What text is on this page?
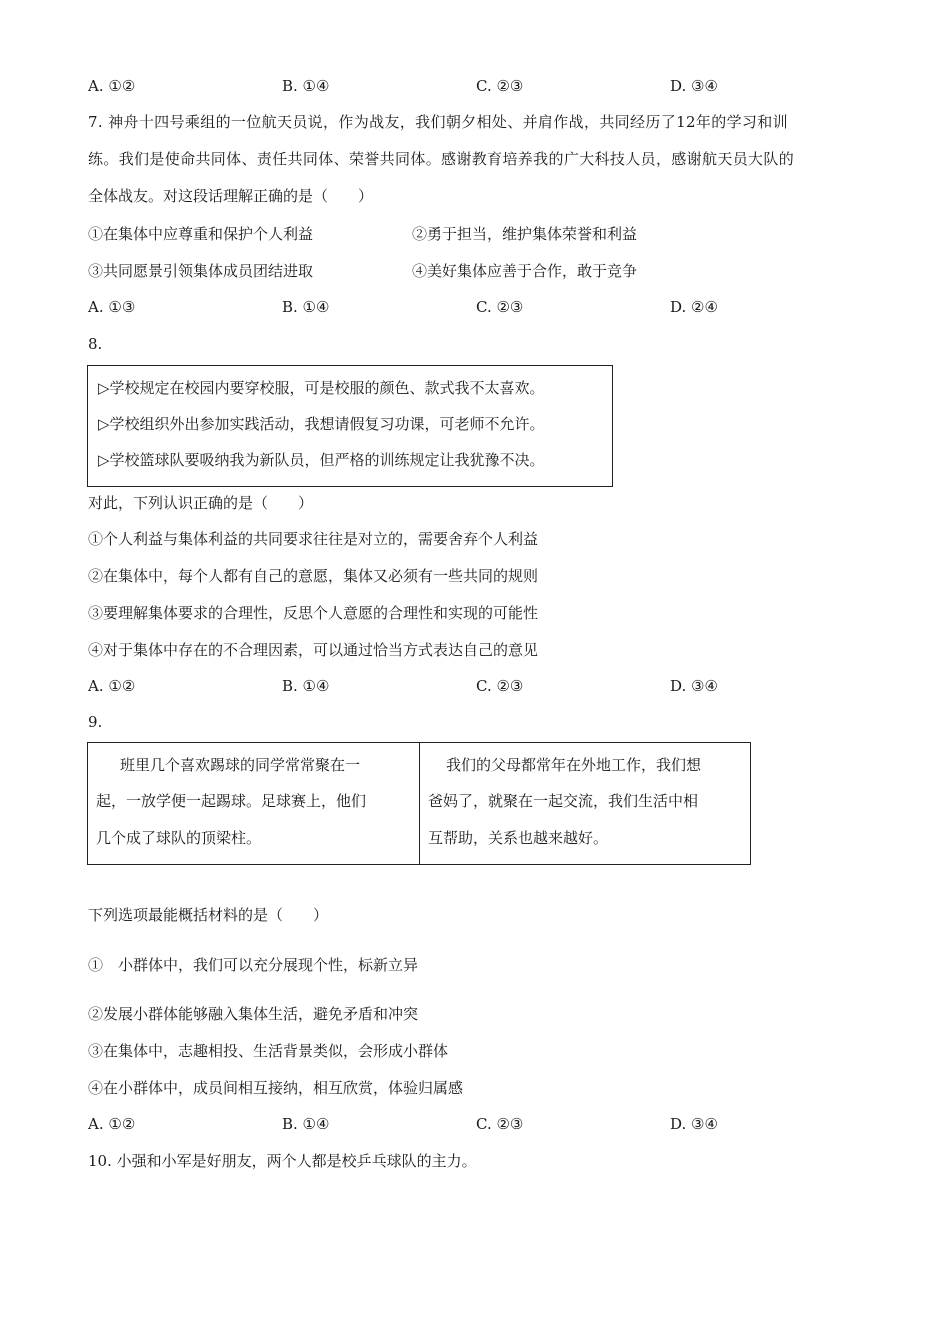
A. ①②	B. ①④	C. ②③	D. ③④
7. 神舟十四号乘组的一位航天员说，作为战友，我们朝夕相处、并肩作战，共同经历了12年的学习和训
练。我们是使命共同体、责任共同体、荣誉共同体。感谢教育培养我的广大科技人员，感谢航天员大队的
全体战友。对这段话理解正确的是（　　）
①在集体中应尊重和保护个人利益	②勇于担当，维护集体荣誉和利益
③共同愿景引领集体成员团结进取	④美好集体应善于合作，敢于竞争
A. ①③	B. ①④	C. ②③	D. ②④
8.
▷学校规定在校园内要穿校服，可是校服的颜色、款式我不太喜欢。
▷学校组织外出参加实践活动，我想请假复习功课，可老师不允许。
▷学校篮球队要吸纳我为新队员，但严格的训练规定让我犹豫不决。
对此，下列认识正确的是（　　）
①个人利益与集体利益的共同要求往往是对立的，需要舍弃个人利益
②在集体中，每个人都有自己的意愿，集体又必须有一些共同的规则
③要理解集体要求的合理性，反思个人意愿的合理性和实现的可能性
④对于集体中存在的不合理因素，可以通过恰当方式表达自己的意见
A. ①②	B. ①④	C. ②③	D. ③④
9.
班里几个喜欢踢球的同学常常聚在一
起，一放学便一起踢球。足球赛上，他们
几个成了球队的顶梁柱。
我们的父母都常年在外地工作，我们想
爸妈了，就聚在一起交流，我们生活中相
互帮助，关系也越来越好。
下列选项最能概括材料的是（　　）
①　小群体中，我们可以充分展现个性，标新立异
②发展小群体能够融入集体生活，避免矛盾和冲突
③在集体中，志趣相投、生活背景类似，会形成小群体
④在小群体中，成员间相互接纳，相互欣赏，体验归属感
A. ①②	B. ①④	C. ②③	D. ③④
10. 小强和小军是好朋友，两个人都是校乒乓球队的主力。
